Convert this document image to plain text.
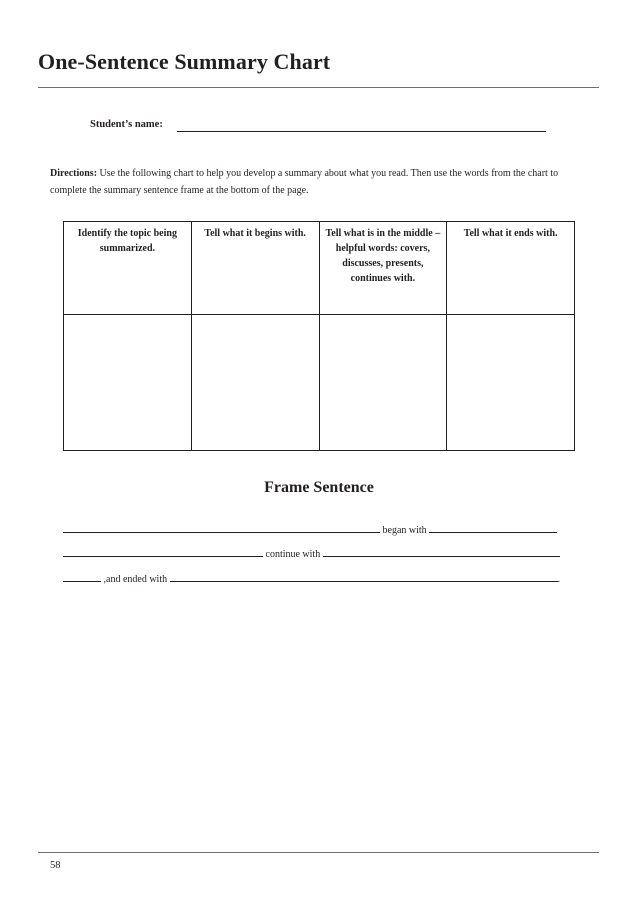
One-Sentence Summary Chart
Student’s name:
Directions: Use the following chart to help you develop a summary about what you read. Then use the words from the chart to complete the summary sentence frame at the bottom of the page.
Identify the topic being summarized.	Tell what it begins with.	Tell what is in the middle – helpful words: covers, discusses, presents, continues with.	Tell what it ends with.

Frame Sentence
began with
continue with
,and ended with	.
58
